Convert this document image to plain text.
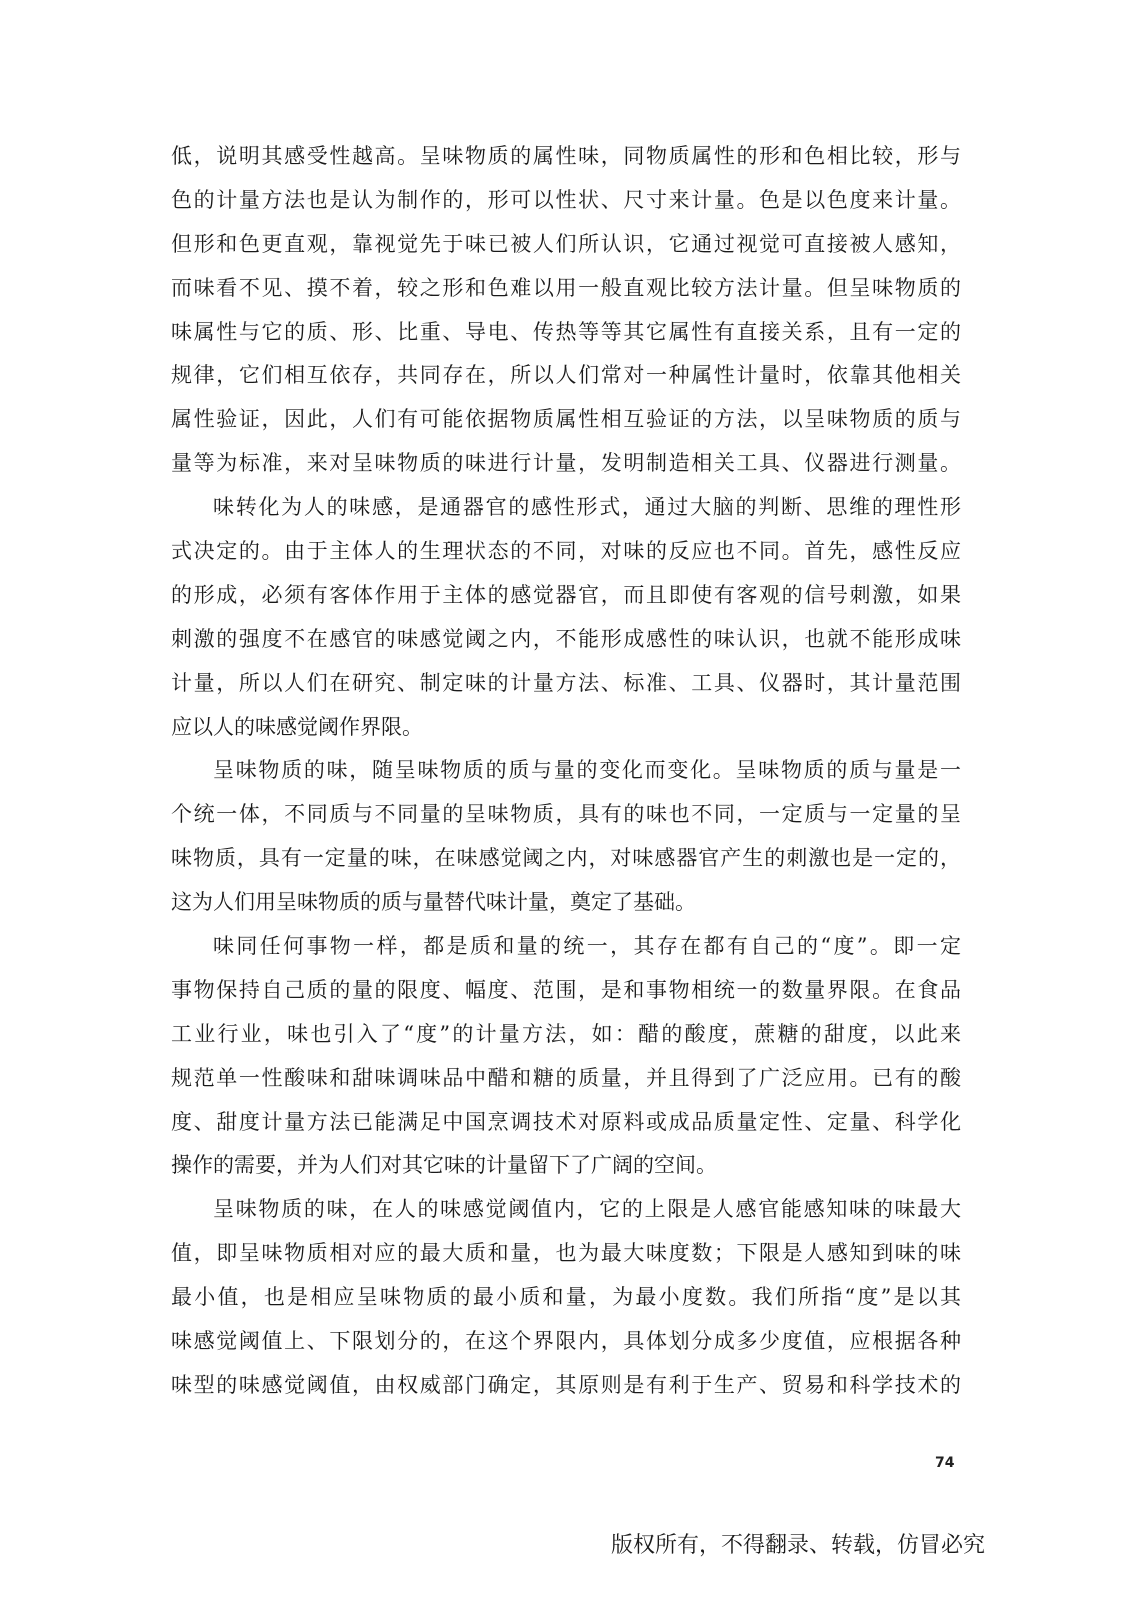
低，说明其感受性越高。呈味物质的属性味，同物质属性的形和色相比较，形与
色的计量方法也是认为制作的，形可以性状、尺寸来计量。色是以色度来计量。
但形和色更直观，靠视觉先于味已被人们所认识，它通过视觉可直接被人感知，
而味看不见、摸不着，较之形和色难以用一般直观比较方法计量。但呈味物质的
味属性与它的质、形、比重、导电、传热等等其它属性有直接关系，且有一定的
规律，它们相互依存，共同存在，所以人们常对一种属性计量时，依靠其他相关
属性验证，因此，人们有可能依据物质属性相互验证的方法，以呈味物质的质与
量等为标准，来对呈味物质的味进行计量，发明制造相关工具、仪器进行测量。
味转化为人的味感，是通器官的感性形式，通过大脑的判断、思维的理性形
式决定的。由于主体人的生理状态的不同，对味的反应也不同。首先，感性反应
的形成，必须有客体作用于主体的感觉器官，而且即使有客观的信号刺激，如果
刺激的强度不在感官的味感觉阈之内，不能形成感性的味认识，也就不能形成味
计量，所以人们在研究、制定味的计量方法、标准、工具、仪器时，其计量范围
应以人的味感觉阈作界限。
呈味物质的味，随呈味物质的质与量的变化而变化。呈味物质的质与量是一
个统一体，不同质与不同量的呈味物质，具有的味也不同，一定质与一定量的呈
味物质，具有一定量的味，在味感觉阈之内，对味感器官产生的刺激也是一定的，
这为人们用呈味物质的质与量替代味计量，奠定了基础。
味同任何事物一样，都是质和量的统一，其存在都有自己的“度”。即一定
事物保持自己质的量的限度、幅度、范围，是和事物相统一的数量界限。在食品
工业行业，味也引入了“度”的计量方法，如：醋的酸度，蔗糖的甜度，以此来
规范单一性酸味和甜味调味品中醋和糖的质量，并且得到了广泛应用。已有的酸
度、甜度计量方法已能满足中国烹调技术对原料或成品质量定性、定量、科学化
操作的需要，并为人们对其它味的计量留下了广阔的空间。
呈味物质的味，在人的味感觉阈值内，它的上限是人感官能感知味的味最大
值，即呈味物质相对应的最大质和量，也为最大味度数；下限是人感知到味的味
最小值，也是相应呈味物质的最小质和量，为最小度数。我们所指“度”是以其
味感觉阈值上、下限划分的，在这个界限内，具体划分成多少度值，应根据各种
味型的味感觉阈值，由权威部门确定，其原则是有利于生产、贸易和科学技术的
74
版权所有，不得翻录、转载，仿冒必究
